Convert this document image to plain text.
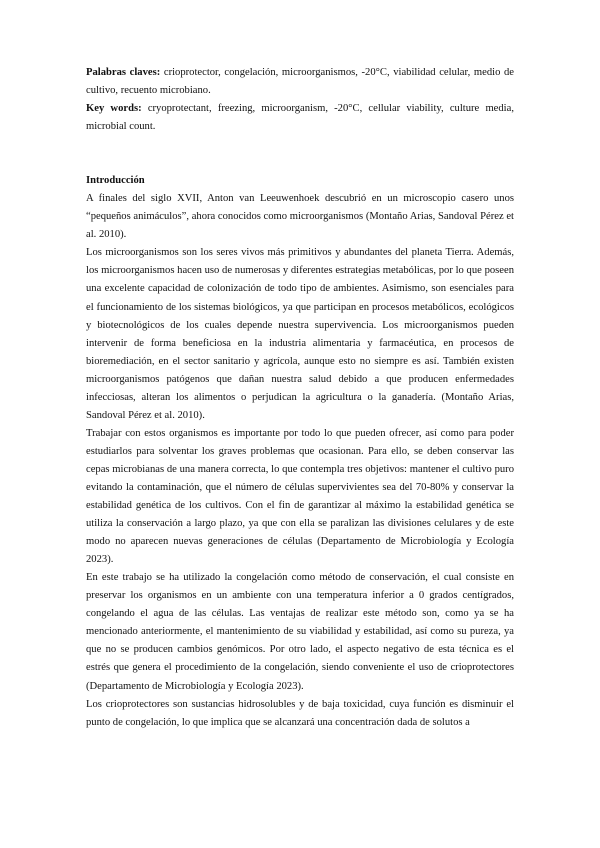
Palabras claves: crioprotector, congelación, microorganismos, -20°C, viabilidad celular, medio de cultivo, recuento microbiano.

Key words: cryoprotectant, freezing, microorganism, -20°C, cellular viability, culture media, microbial count.

Introducción

A finales del siglo XVII, Anton van Leeuwenhoek descubrió en un microscopio casero unos “pequeños animáculos”, ahora conocidos como microorganismos (Montaño Arias, Sandoval Pérez et al. 2010).

Los microorganismos son los seres vivos más primitivos y abundantes del planeta Tierra. Además, los microorganismos hacen uso de numerosas y diferentes estrategias metabólicas, por lo que poseen una excelente capacidad de colonización de todo tipo de ambientes. Asimismo, son esenciales para el funcionamiento de los sistemas biológicos, ya que participan en procesos metabólicos, ecológicos y biotecnológicos de los cuales depende nuestra supervivencia. Los microorganismos pueden intervenir de forma beneficiosa en la industria alimentaria y farmacéutica, en procesos de bioremediación, en el sector sanitario y agrícola, aunque esto no siempre es así. También existen microorganismos patógenos que dañan nuestra salud debido a que producen enfermedades infecciosas, alteran los alimentos o perjudican la agricultura o la ganadería. (Montaño Arias, Sandoval Pérez et al. 2010).

Trabajar con estos organismos es importante por todo lo que pueden ofrecer, así como para poder estudiarlos para solventar los graves problemas que ocasionan. Para ello, se deben conservar las cepas microbianas de una manera correcta, lo que contempla tres objetivos: mantener el cultivo puro evitando la contaminación, que el número de células supervivientes sea del 70-80% y conservar la estabilidad genética de los cultivos. Con el fin de garantizar al máximo la estabilidad genética se utiliza la conservación a largo plazo, ya que con ella se paralizan las divisiones celulares y de este modo no aparecen nuevas generaciones de células (Departamento de Microbiología y Ecología 2023).

En este trabajo se ha utilizado la congelación como método de conservación, el cual consiste en preservar los organismos en un ambiente con una temperatura inferior a 0 grados centígrados, congelando el agua de las células. Las ventajas de realizar este método son, como ya se ha mencionado anteriormente, el mantenimiento de su viabilidad y estabilidad, así como su pureza, ya que no se producen cambios genómicos. Por otro lado, el aspecto negativo de esta técnica es el estrés que genera el procedimiento de la congelación, siendo conveniente el uso de crioprotectores (Departamento de Microbiología y Ecología 2023).

Los crioprotectores son sustancias hidrosolubles y de baja toxicidad, cuya función es disminuir el punto de congelación, lo que implica que se alcanzará una concentración dada de solutos a
